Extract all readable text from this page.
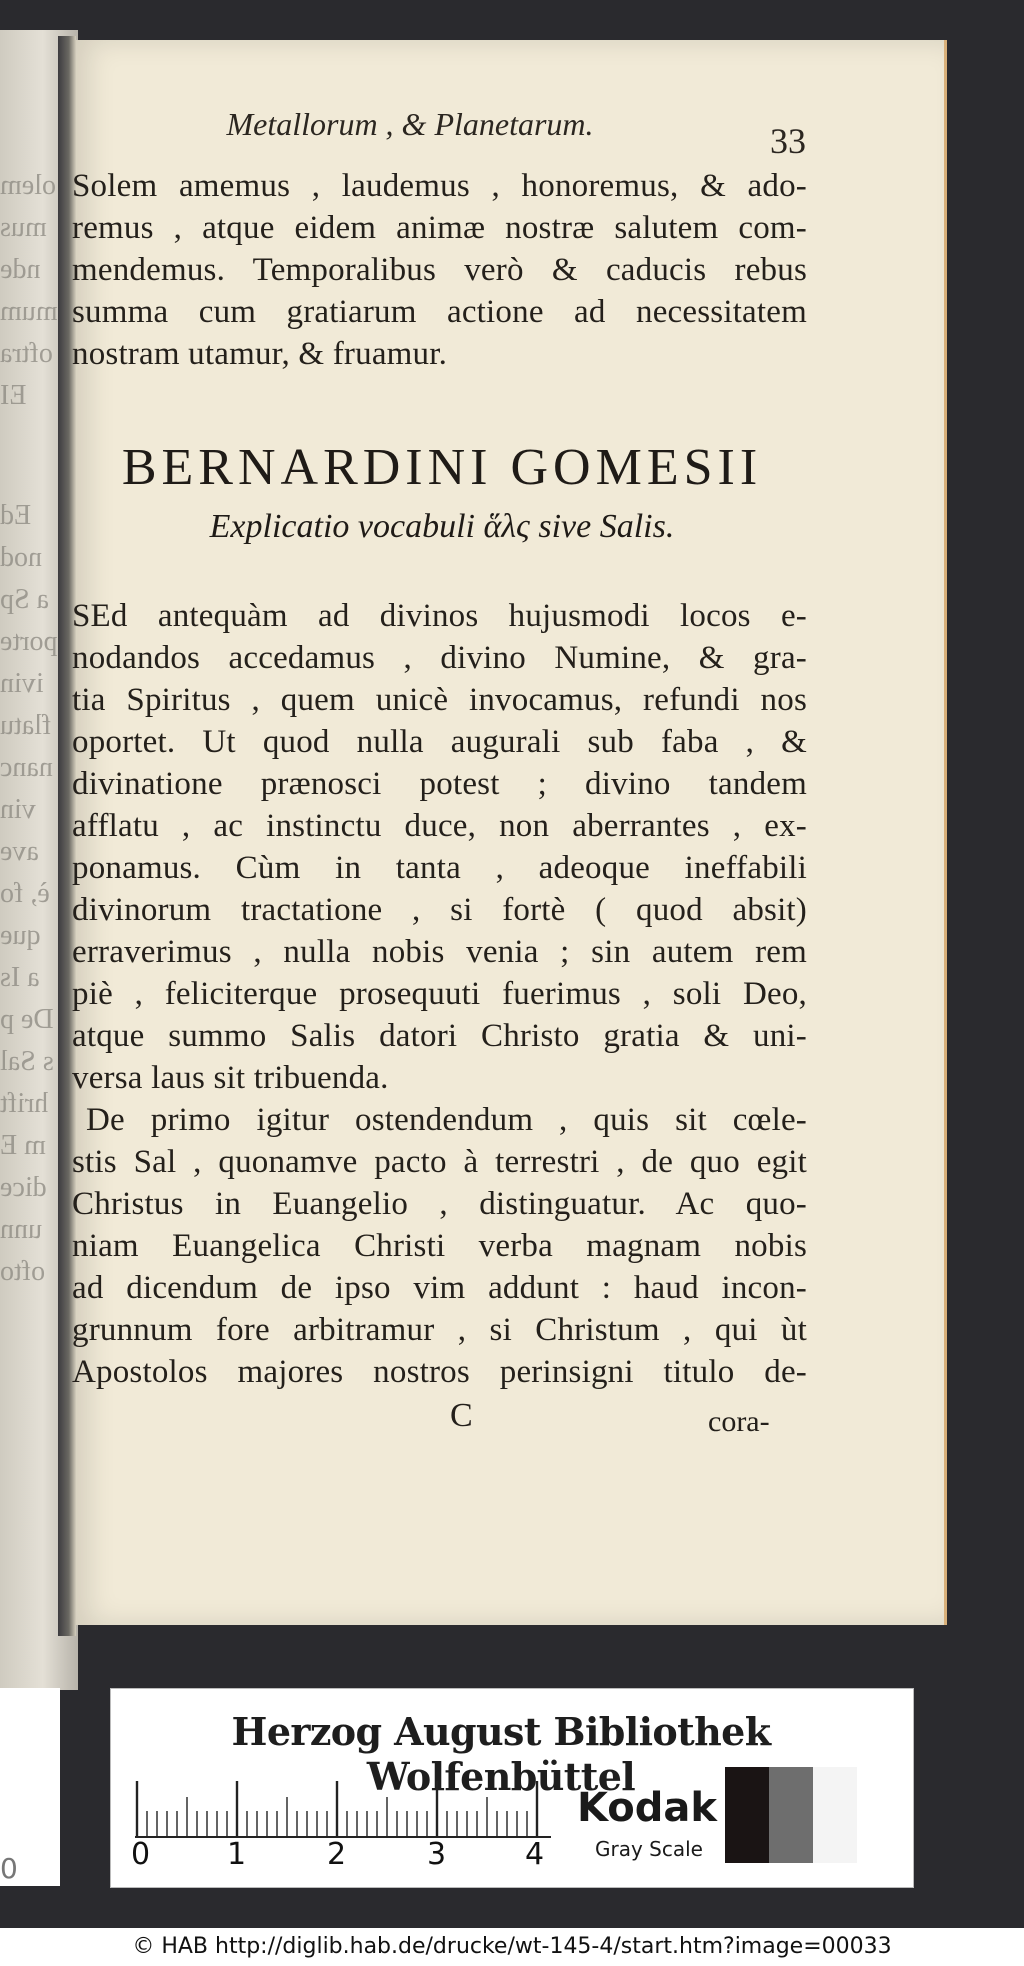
olem
mus
nde
mum
oftra
EI
Ed
nod
a Sp
porte
ivin
flatu
nanc
vin
ave
è, fo
que
a Is
De p
s Sal
hrift
m E
dice
unn
ofto
Metallorum , & Planetarum.	33
Solem amemus , laudemus , honoremus, & ado-
remus , atque eidem animæ nostræ salutem com-
mendemus. Temporalibus verò & caducis rebus
summa cum gratiarum actione ad necessitatem
nostram utamur, & fruamur.
BERNARDINI GOMESII
Explicatio vocabuli ἅλς sive Salis.
SEd antequàm ad divinos hujusmodi locos e-
nodandos accedamus , divino Numine, & gra-
tia Spiritus , quem unicè invocamus, refundi nos
oportet. Ut quod nulla augurali sub faba , &
divinatione prænosci potest ; divino tandem
afflatu , ac instinctu duce, non aberrantes , ex-
ponamus. Cùm in tanta , adeoque ineffabili
divinorum tractatione , si fortè ( quod absit)
erraverimus , nulla nobis venia ; sin autem rem
piè , feliciterque prosequuti fuerimus , soli Deo,
atque summo Salis datori Christo gratia & uni-
versa laus sit tribuenda.
De primo igitur ostendendum , quis sit cœle-
stis Sal , quonamve pacto à terrestri , de quo egit
Christus in Euangelio , distinguatur. Ac quo-
niam Euangelica Christi verba magnam nobis
ad dicendum de ipso vim addunt : haud incon-
grunnum fore arbitramur , si Christum , qui ùt
Apostolos majores nostros perinsigni titulo de-
C	cora-
0
Herzog August Bibliothek Wolfenbüttel
0	1	2	3	4
Kodak
Gray Scale
© HAB http://diglib.hab.de/drucke/wt-145-4/start.htm?image=00033
